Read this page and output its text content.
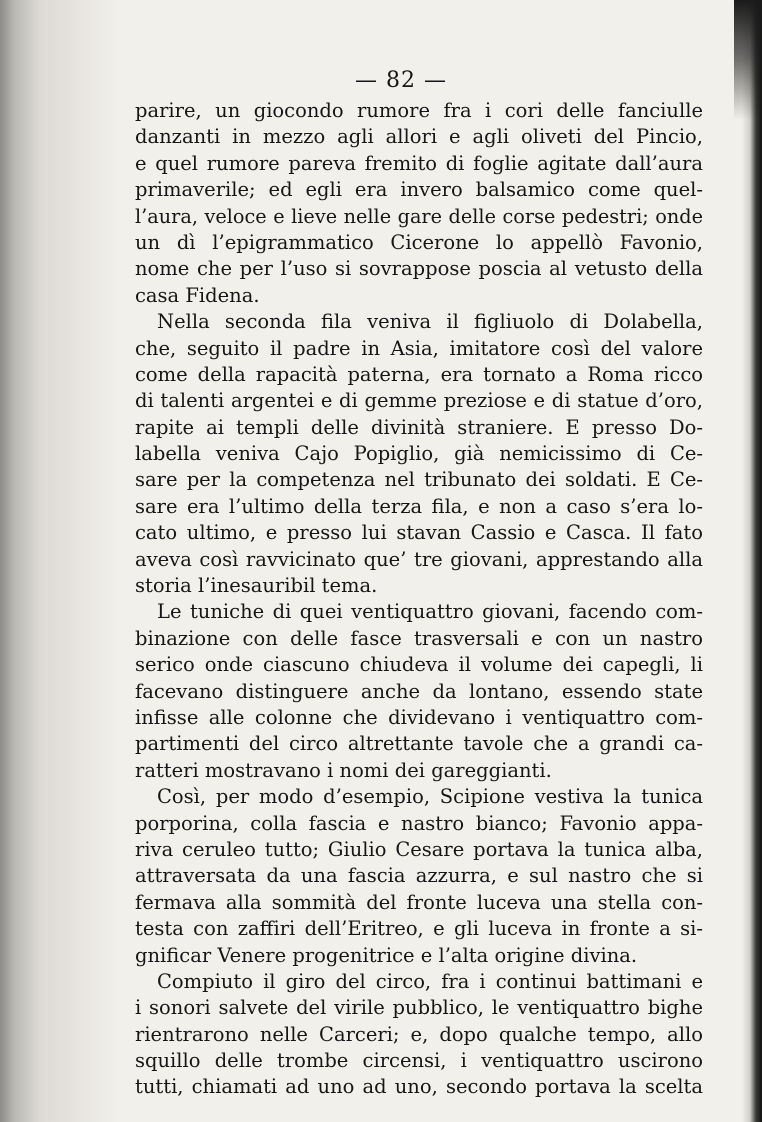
— 82 —
parire, un giocondo rumore fra i cori delle fanciulle
danzanti in mezzo agli allori e agli oliveti del Pincio,
e quel rumore pareva fremito di foglie agitate dall’aura
primaverile; ed egli era invero balsamico come quel-
l’aura, veloce e lieve nelle gare delle corse pedestri; onde
un dì l’epigrammatico Cicerone lo appellò Favonio,
nome che per l’uso si sovrappose poscia al vetusto della
casa Fidena.
Nella seconda fila veniva il figliuolo di Dolabella,
che, seguito il padre in Asia, imitatore così del valore
come della rapacità paterna, era tornato a Roma ricco
di talenti argentei e di gemme preziose e di statue d’oro,
rapite ai templi delle divinità straniere. E presso Do-
labella veniva Cajo Popiglio, già nemicissimo di Ce-
sare per la competenza nel tribunato dei soldati. E Ce-
sare era l’ultimo della terza fila, e non a caso s’era lo-
cato ultimo, e presso lui stavan Cassio e Casca. Il fato
aveva così ravvicinato que’ tre giovani, apprestando alla
storia l’inesauribil tema.
Le tuniche di quei ventiquattro giovani, facendo com-
binazione con delle fasce trasversali e con un nastro
serico onde ciascuno chiudeva il volume dei capegli, li
facevano distinguere anche da lontano, essendo state
infisse alle colonne che dividevano i ventiquattro com-
partimenti del circo altrettante tavole che a grandi ca-
ratteri mostravano i nomi dei gareggianti.
Così, per modo d’esempio, Scipione vestiva la tunica
porporina, colla fascia e nastro bianco; Favonio appa-
riva ceruleo tutto; Giulio Cesare portava la tunica alba,
attraversata da una fascia azzurra, e sul nastro che si
fermava alla sommità del fronte luceva una stella con-
testa con zaffiri dell’Eritreo, e gli luceva in fronte a si-
gnificar Venere progenitrice e l’alta origine divina.
Compiuto il giro del circo, fra i continui battimani e
i sonori salvete del virile pubblico, le ventiquattro bighe
rientrarono nelle Carceri; e, dopo qualche tempo, allo
squillo delle trombe circensi, i ventiquattro uscirono
tutti, chiamati ad uno ad uno, secondo portava la scelta
